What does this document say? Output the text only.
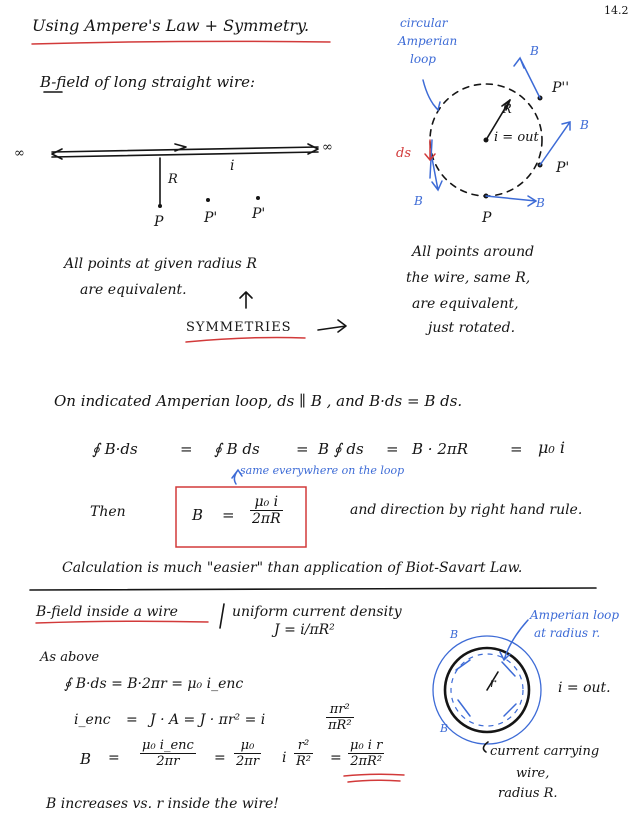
14.2
Using Ampere's Law + Symmetry.
B-field of long straight wire:
∞	∞
i
R
P	P' P'
All points at given radius R
are equivalent.
SYMMETRIES
circular
Amperian
loop
ds
B
B
B
B
R
i = out
P''
P'
P
All points around
the wire, same R,
are equivalent,
just rotated.
On indicated Amperian loop, ds ∥ B , and B·ds = B ds.
∮ B·ds	= ∮ B ds = B ∮ ds = B · 2πR	= μ₀ i
same everywhere on the loop
Then	$B = \frac{\text{μ₀ i}}{2\pi R}$	and direction by right hand rule.
Calculation is much "easier" than application of Biot-Savart Law.
B-field inside a wire	uniform current density
J = i/πR²
As above
∮ B·ds = B·2πr = μ₀ i_enc
i_enc = J · A = J · πr² = i	$\frac{\text{πr²}}{\text{πR²}}$
B =
μ₀ i_enc
2πr	= $\frac{\text{μ₀}}{2\pi r}$ i $\frac{\text{r²}}{\text{R²}} = \frac{\text{μ₀ i r}}{\text{2πR²}}$
B increases vs. r inside the wire!
Amperian loop
at radius r.
i = out.
B
B
r
current carrying
wire,
radius R.
